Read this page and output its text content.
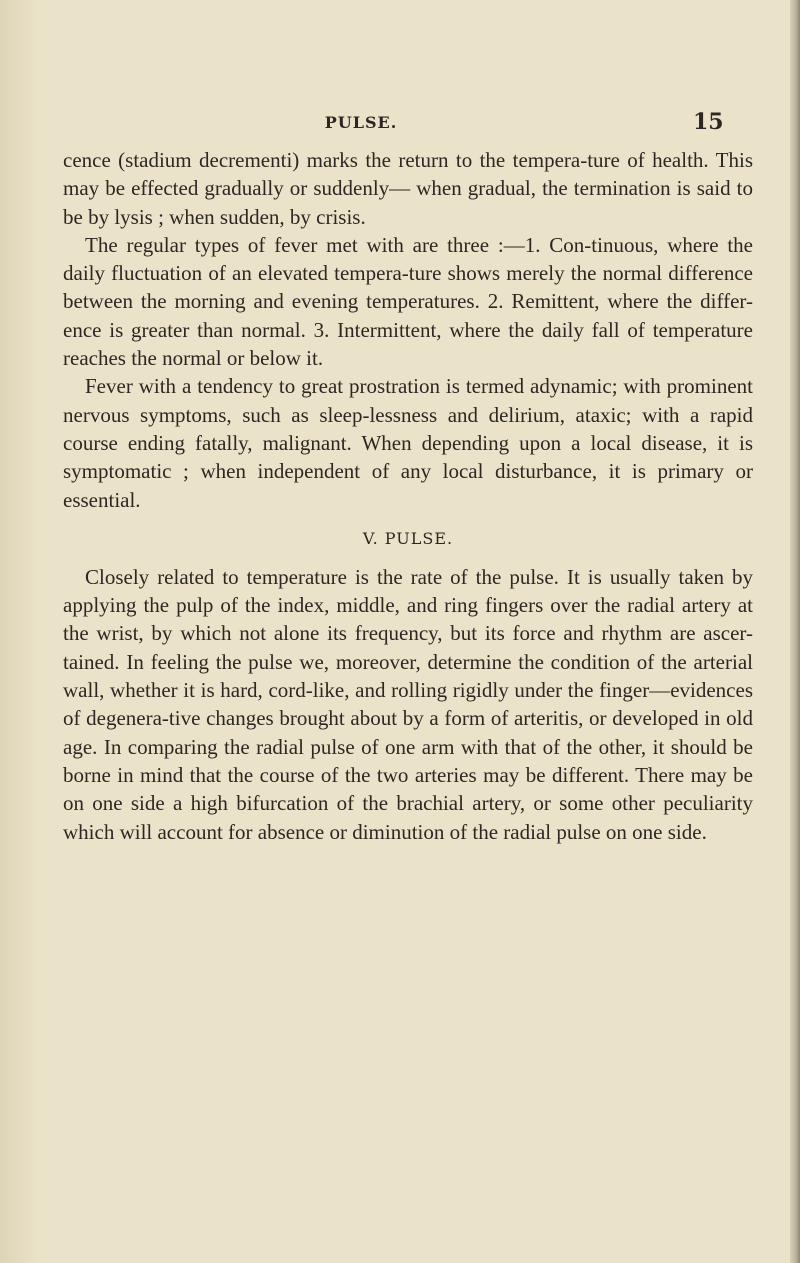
PULSE.	15

cence (stadium decrementi) marks the return to the tempera-ture of health. This may be effected gradually or suddenly— when gradual, the termination is said to be by lysis ; when sudden, by crisis.

The regular types of fever met with are three :—1. Con-tinuous, where the daily fluctuation of an elevated tempera-ture shows merely the normal difference between the morning and evening temperatures. 2. Remittent, where the differ-ence is greater than normal. 3. Intermittent, where the daily fall of temperature reaches the normal or below it.

Fever with a tendency to great prostration is termed adynamic; with prominent nervous symptoms, such as sleep-lessness and delirium, ataxic; with a rapid course ending fatally, malignant. When depending upon a local disease, it is symptomatic ; when independent of any local disturbance, it is primary or essential.

V. PULSE.

Closely related to temperature is the rate of the pulse. It is usually taken by applying the pulp of the index, middle, and ring fingers over the radial artery at the wrist, by which not alone its frequency, but its force and rhythm are ascer-tained. In feeling the pulse we, moreover, determine the condition of the arterial wall, whether it is hard, cord-like, and rolling rigidly under the finger—evidences of degenera-tive changes brought about by a form of arteritis, or developed in old age. In comparing the radial pulse of one arm with that of the other, it should be borne in mind that the course of the two arteries may be different. There may be on one side a high bifurcation of the brachial artery, or some other peculiarity which will account for absence or diminution of the radial pulse on one side.
